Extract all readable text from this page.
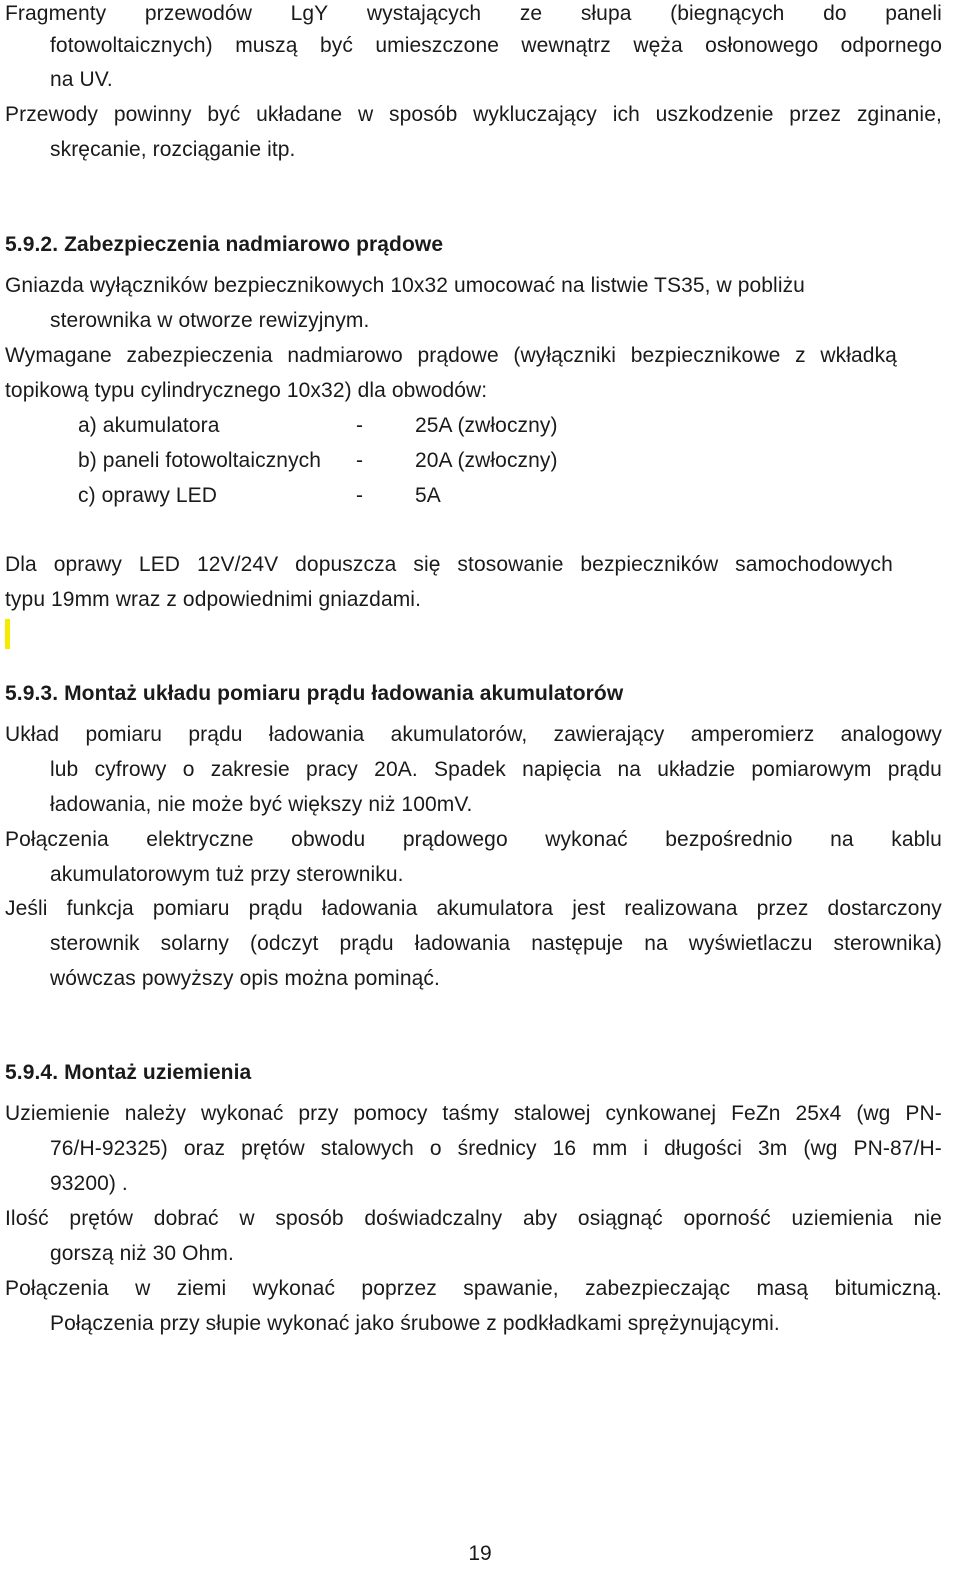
Fragmenty przewodów LgY wystających ze słupa (biegnących do paneli
fotowoltaicznych) muszą być umieszczone wewnątrz węża osłonowego odpornego
na UV.
Przewody powinny być układane w sposób wykluczający ich uszkodzenie przez zginanie,
skręcanie, rozciąganie itp.
5.9.2. Zabezpieczenia nadmiarowo prądowe
Gniazda wyłączników bezpiecznikowych 10x32 umocować na listwie TS35, w pobliżu
sterownika w otworze rewizyjnym.
Wymagane zabezpieczenia nadmiarowo prądowe (wyłączniki bezpiecznikowe z wkładką
topikową typu cylindrycznego 10x32) dla obwodów:
a) akumulatora	- 25A (zwłoczny)
b) paneli fotowoltaicznych - 20A (zwłoczny)
c) oprawy LED	- 5A
Dla oprawy LED 12V/24V dopuszcza się stosowanie bezpieczników samochodowych
typu 19mm wraz z odpowiednimi gniazdami.
5.9.3. Montaż układu pomiaru prądu ładowania akumulatorów
Układ pomiaru prądu ładowania akumulatorów, zawierający amperomierz analogowy
lub cyfrowy o zakresie pracy 20A. Spadek napięcia na układzie pomiarowym prądu
ładowania, nie może być większy niż 100mV.
Połączenia elektryczne obwodu prądowego wykonać bezpośrednio na kablu
akumulatorowym tuż przy sterowniku.
Jeśli funkcja pomiaru prądu ładowania akumulatora jest realizowana przez dostarczony
sterownik solarny (odczyt prądu ładowania następuje na wyświetlaczu sterownika)
wówczas powyższy opis można pominąć.
5.9.4. Montaż uziemienia
Uziemienie należy wykonać przy pomocy taśmy stalowej cynkowanej FeZn 25x4 (wg PN-
76/H-92325) oraz prętów stalowych o średnicy 16 mm i długości 3m (wg PN-87/H-
93200) .
Ilość prętów dobrać w sposób doświadczalny aby osiągnąć oporność uziemienia nie
gorszą niż 30 Ohm.
Połączenia w ziemi wykonać poprzez spawanie, zabezpieczając masą bitumiczną.
Połączenia przy słupie wykonać jako śrubowe z podkładkami sprężynującymi.
19
